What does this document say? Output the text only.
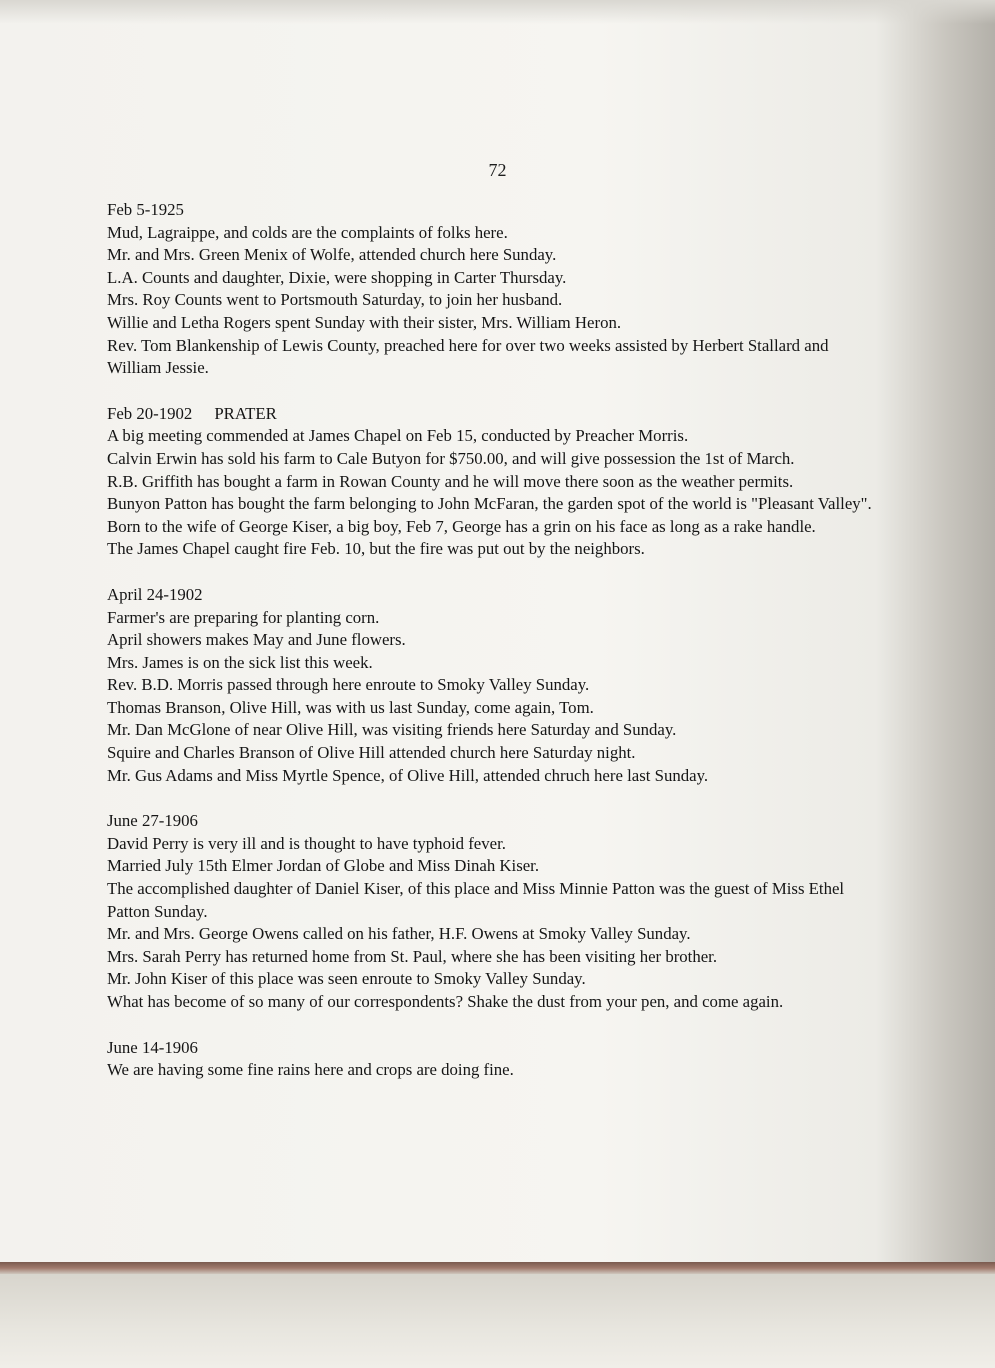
72

Feb 5-1925

Mud, Lagraippe, and colds are the complaints of folks here.

Mr. and Mrs. Green Menix of Wolfe, attended church here Sunday.

L.A. Counts and daughter, Dixie, were shopping in Carter Thursday.

Mrs. Roy Counts went to Portsmouth Saturday, to join her husband.

Willie and Letha Rogers spent Sunday with their sister, Mrs. William Heron.

Rev. Tom Blankenship of Lewis County, preached here for over two weeks assisted by Herbert Stallard and William Jessie.

Feb 20-1902 PRATER

A big meeting commended at James Chapel on Feb 15, conducted by Preacher Morris.

Calvin Erwin has sold his farm to Cale Butyon for $750.00, and will give possession the 1st of March.

R.B. Griffith has bought a farm in Rowan County and he will move there soon as the weather permits.

Bunyon Patton has bought the farm belonging to John McFaran, the garden spot of the world is "Pleasant Valley".

Born to the wife of George Kiser, a big boy, Feb 7, George has a grin on his face as long as a rake handle.

The James Chapel caught fire Feb. 10, but the fire was put out by the neighbors.

April 24-1902

Farmer's are preparing for planting corn.

April showers makes May and June flowers.

Mrs. James is on the sick list this week.

Rev. B.D. Morris passed through here enroute to Smoky Valley Sunday.

Thomas Branson, Olive Hill, was with us last Sunday, come again, Tom.

Mr. Dan McGlone of near Olive Hill, was visiting friends here Saturday and Sunday.

Squire and Charles Branson of Olive Hill attended church here Saturday night.

Mr. Gus Adams and Miss Myrtle Spence, of Olive Hill, attended chruch here last Sunday.

June 27-1906

David Perry is very ill and is thought to have typhoid fever.

Married July 15th Elmer Jordan of Globe and Miss Dinah Kiser.

The accomplished daughter of Daniel Kiser, of this place and Miss Minnie Patton was the guest of Miss Ethel Patton Sunday.

Mr. and Mrs. George Owens called on his father, H.F. Owens at Smoky Valley Sunday.

Mrs. Sarah Perry has returned home from St. Paul, where she has been visiting her brother.

Mr. John Kiser of this place was seen enroute to Smoky Valley Sunday.

What has become of so many of our correspondents? Shake the dust from your pen, and come again.

June 14-1906

We are having some fine rains here and crops are doing fine.
